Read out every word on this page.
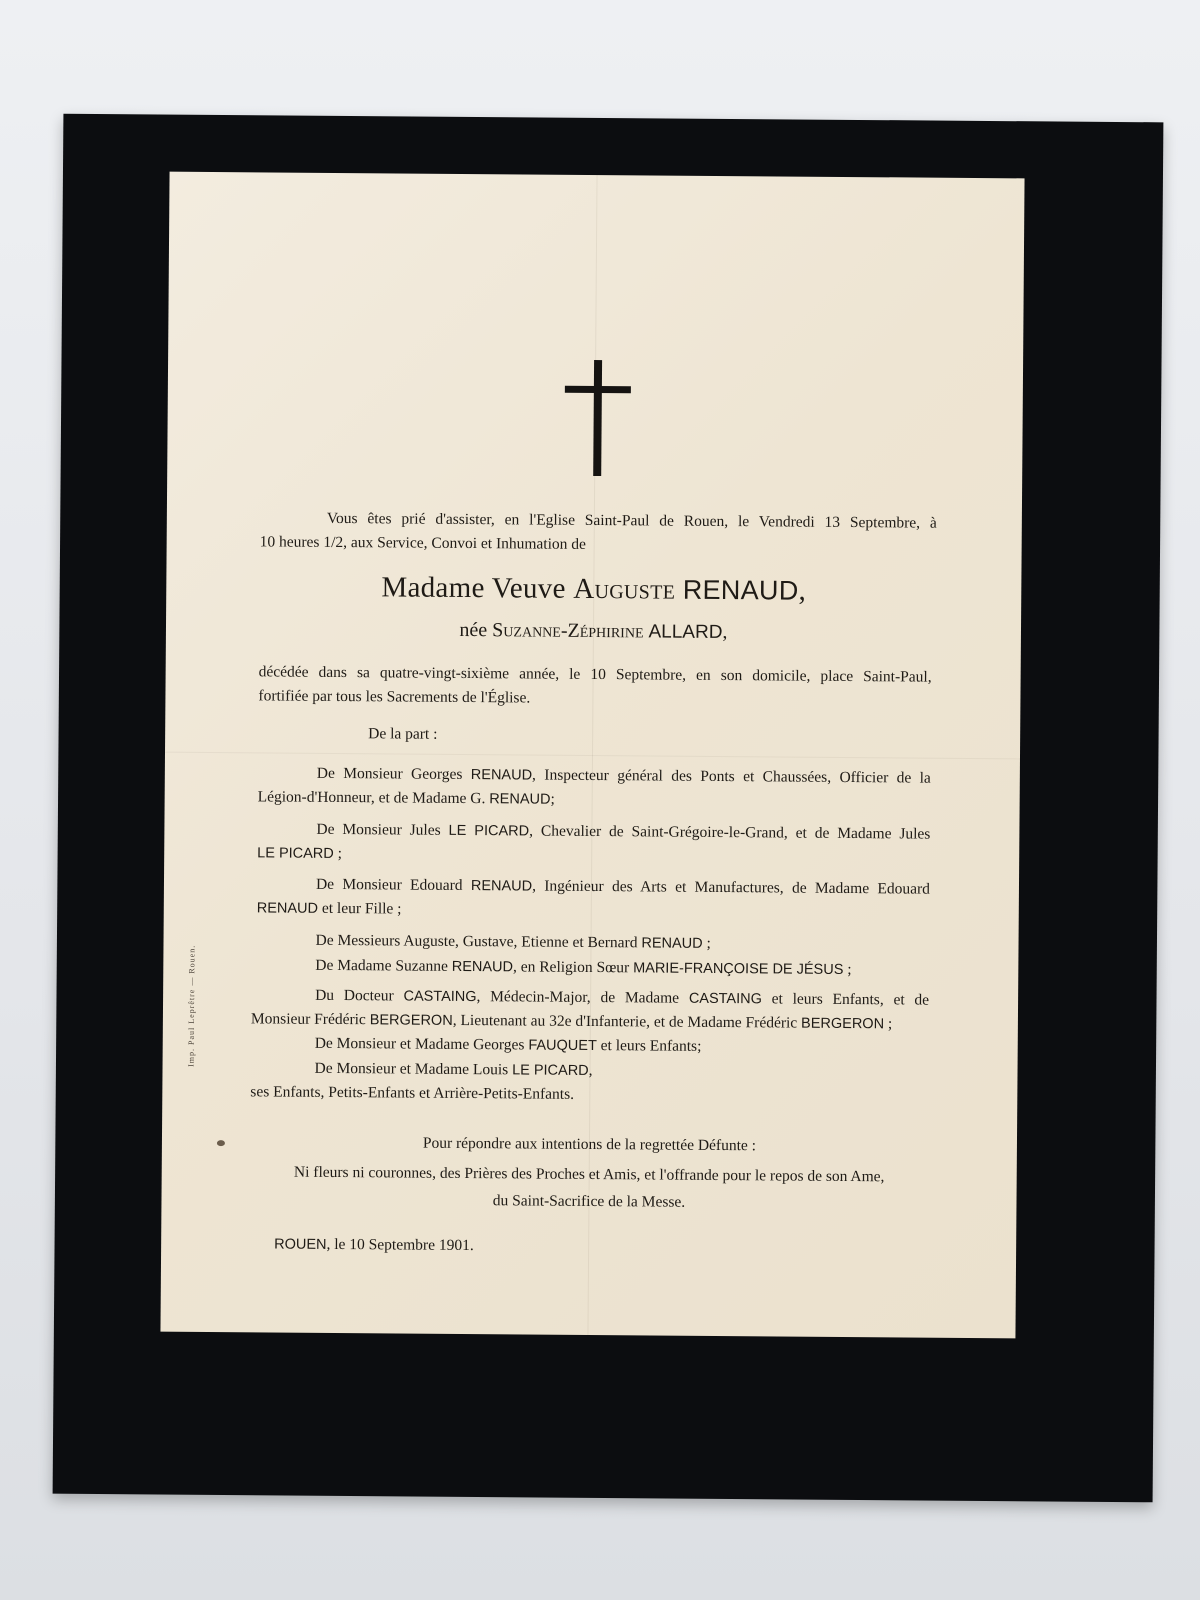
Vous êtes prié d'assister, en l'Eglise Saint-Paul de Rouen, le Vendredi 13 Septembre, à
10 heures 1/2, aux Service, Convoi et Inhumation de
Madame Veuve Auguste RENAUD,
née Suzanne-Zéphirine ALLARD,
décédée dans sa quatre-vingt-sixième année, le 10 Septembre, en son domicile, place Saint-Paul,
fortifiée par tous les Sacrements de l'Église.
De la part :
De Monsieur Georges RENAUD, Inspecteur général des Ponts et Chaussées, Officier de la
Légion-d'Honneur, et de Madame G. RENAUD;
De Monsieur Jules LE PICARD, Chevalier de Saint-Grégoire-le-Grand, et de Madame Jules
LE PICARD ;
De Monsieur Edouard RENAUD, Ingénieur des Arts et Manufactures, de Madame Edouard
RENAUD et leur Fille ;
De Messieurs Auguste, Gustave, Etienne et Bernard RENAUD ;
De Madame Suzanne RENAUD, en Religion Sœur MARIE-FRANÇOISE DE JÉSUS ;
Du Docteur CASTAING, Médecin-Major, de Madame CASTAING et leurs Enfants, et de
Monsieur Frédéric BERGERON, Lieutenant au 32e d'Infanterie, et de Madame Frédéric BERGERON ;
De Monsieur et Madame Georges FAUQUET et leurs Enfants;
De Monsieur et Madame Louis LE PICARD,
ses Enfants, Petits-Enfants et Arrière-Petits-Enfants.
Pour répondre aux intentions de la regrettée Défunte :
Ni fleurs ni couronnes, des Prières des Proches et Amis, et l'offrande pour le repos de son Ame,
du Saint-Sacrifice de la Messe.
ROUEN, le 10 Septembre 1901.
Imp. Paul Leprêtre — Rouen.
